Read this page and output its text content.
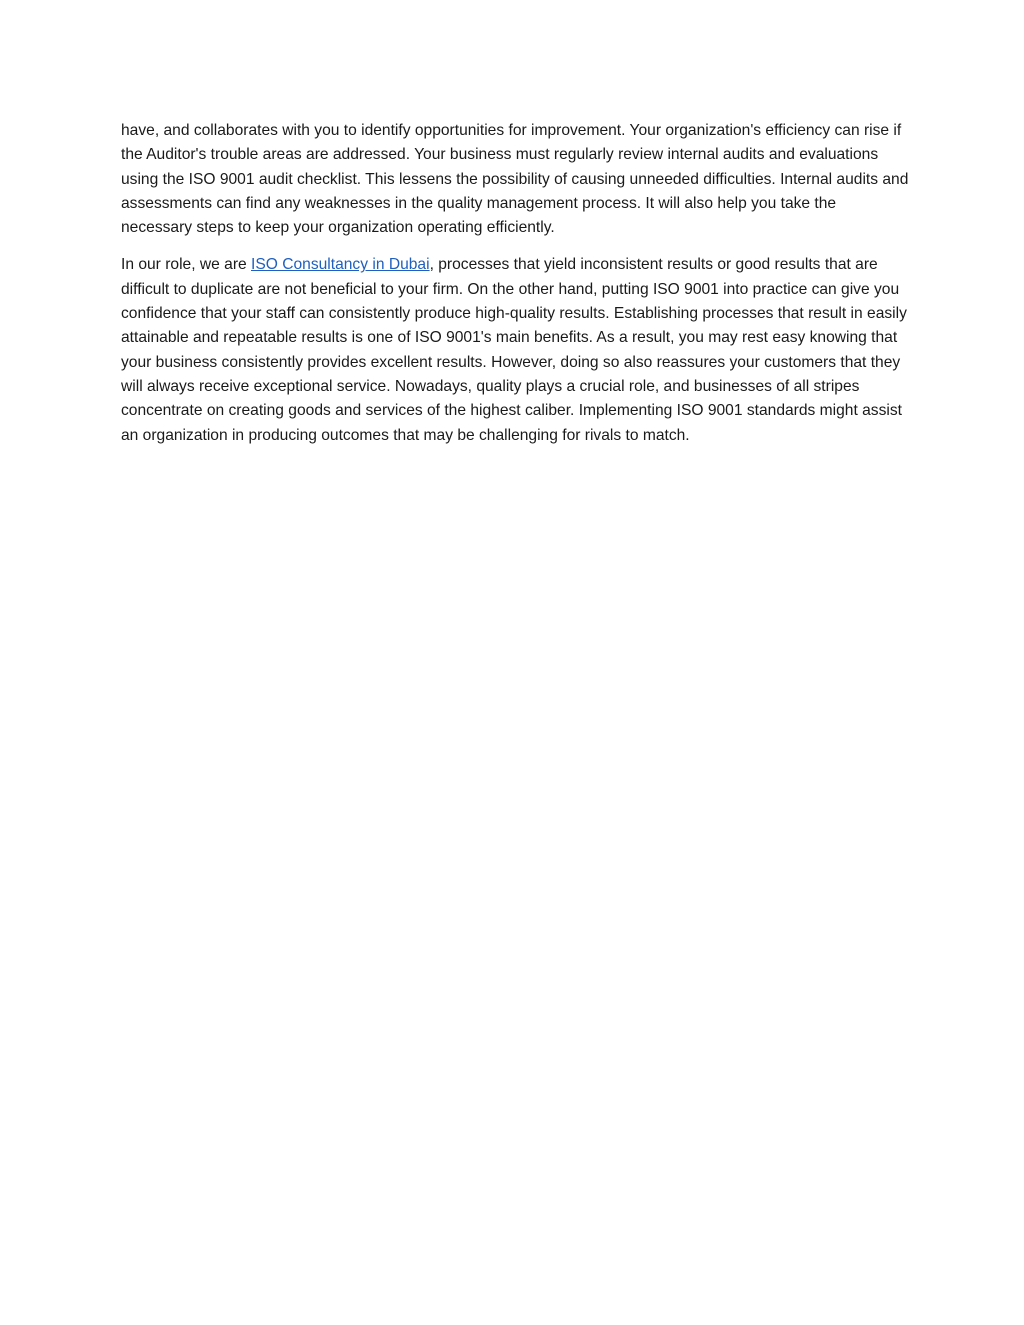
have, and collaborates with you to identify opportunities for improvement. Your organization's efficiency can rise if the Auditor's trouble areas are addressed. Your business must regularly review internal audits and evaluations using the ISO 9001 audit checklist. This lessens the possibility of causing unneeded difficulties. Internal audits and assessments can find any weaknesses in the quality management process. It will also help you take the necessary steps to keep your organization operating efficiently.

In our role, we are ISO Consultancy in Dubai, processes that yield inconsistent results or good results that are difficult to duplicate are not beneficial to your firm. On the other hand, putting ISO 9001 into practice can give you confidence that your staff can consistently produce high-quality results. Establishing processes that result in easily attainable and repeatable results is one of ISO 9001's main benefits. As a result, you may rest easy knowing that your business consistently provides excellent results. However, doing so also reassures your customers that they will always receive exceptional service. Nowadays, quality plays a crucial role, and businesses of all stripes concentrate on creating goods and services of the highest caliber. Implementing ISO 9001 standards might assist an organization in producing outcomes that may be challenging for rivals to match.
